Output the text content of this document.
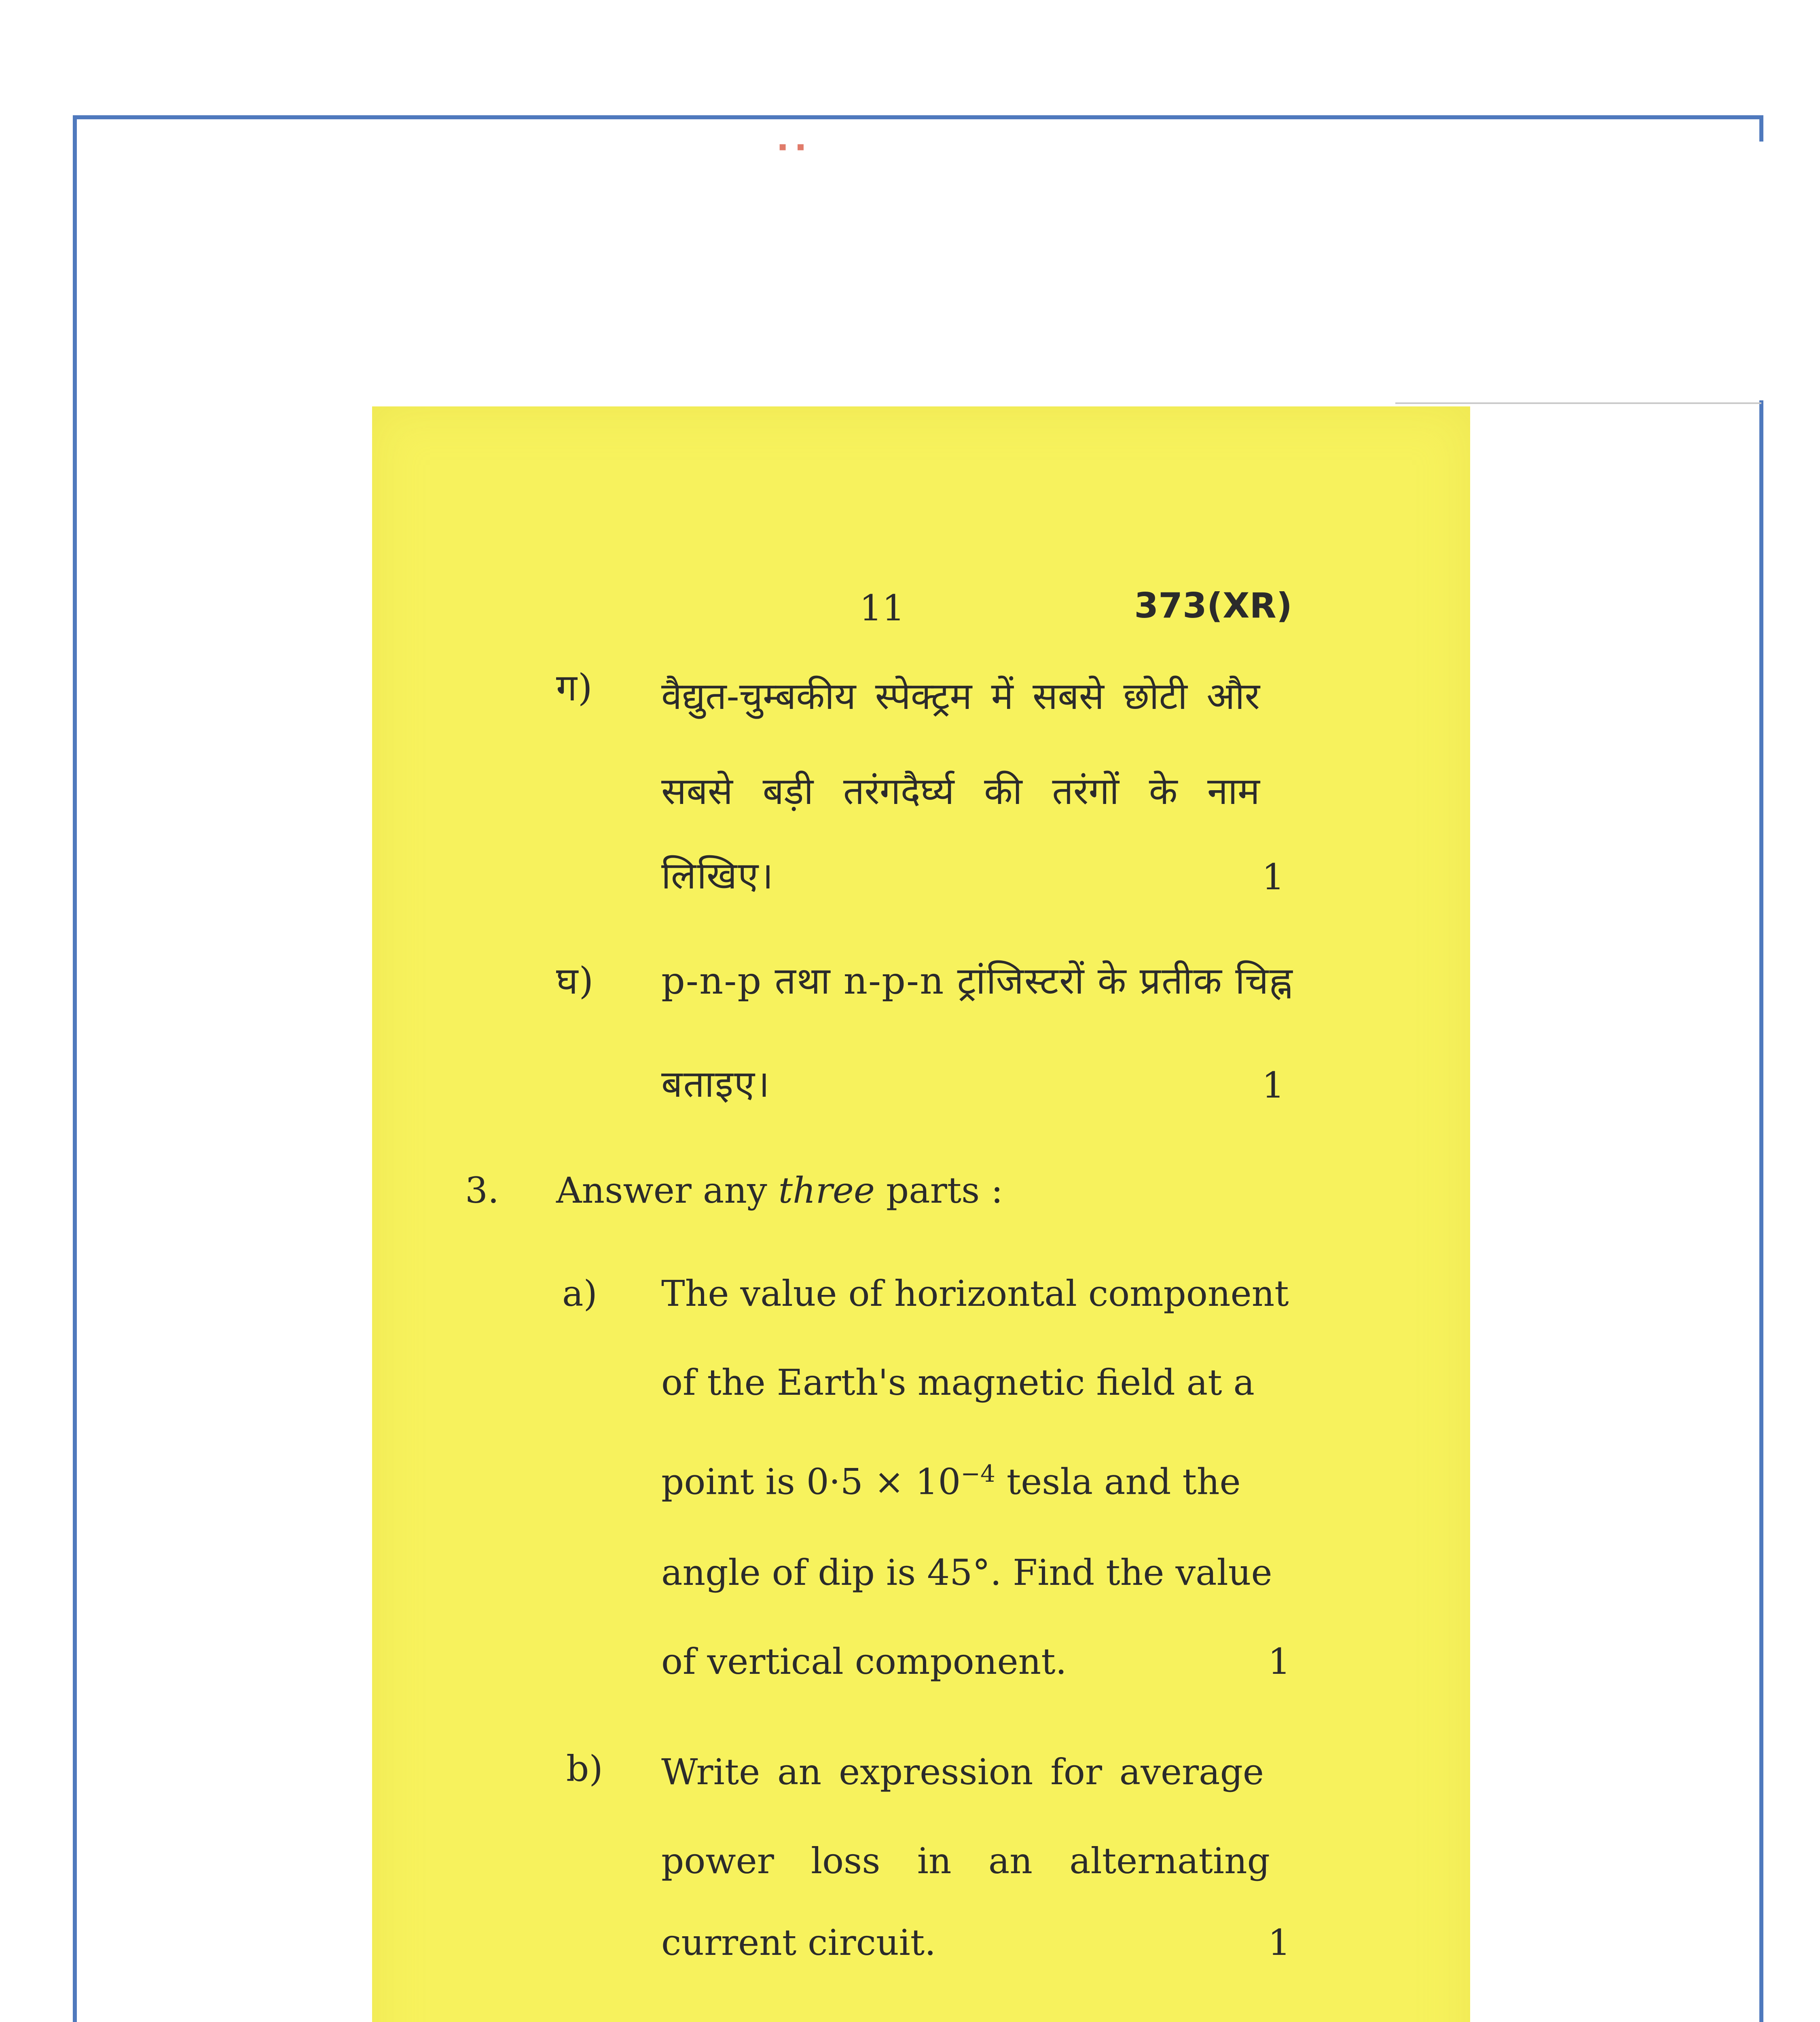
▪▪
11	373(XR)
ग) वैद्युत-चुम्बकीय स्पेक्ट्रम में सबसे छोटी और
सबसे बड़ी तरंगदैर्घ्य की तरंगों के नाम
लिखिए।	1
घ) p-n-p तथा n-p-n ट्रांजिस्टरों के प्रतीक चिह्न
बताइए।	1
3. Answer any three parts :
a) The value of horizontal component
of the Earth's magnetic field at a
point is $0\cdot 5 \times 10^{-4}$ tesla and the
angle of dip is 45°. Find the value
of vertical component.	1
b) Write an expression for average
power loss in an alternating
current circuit.	1
